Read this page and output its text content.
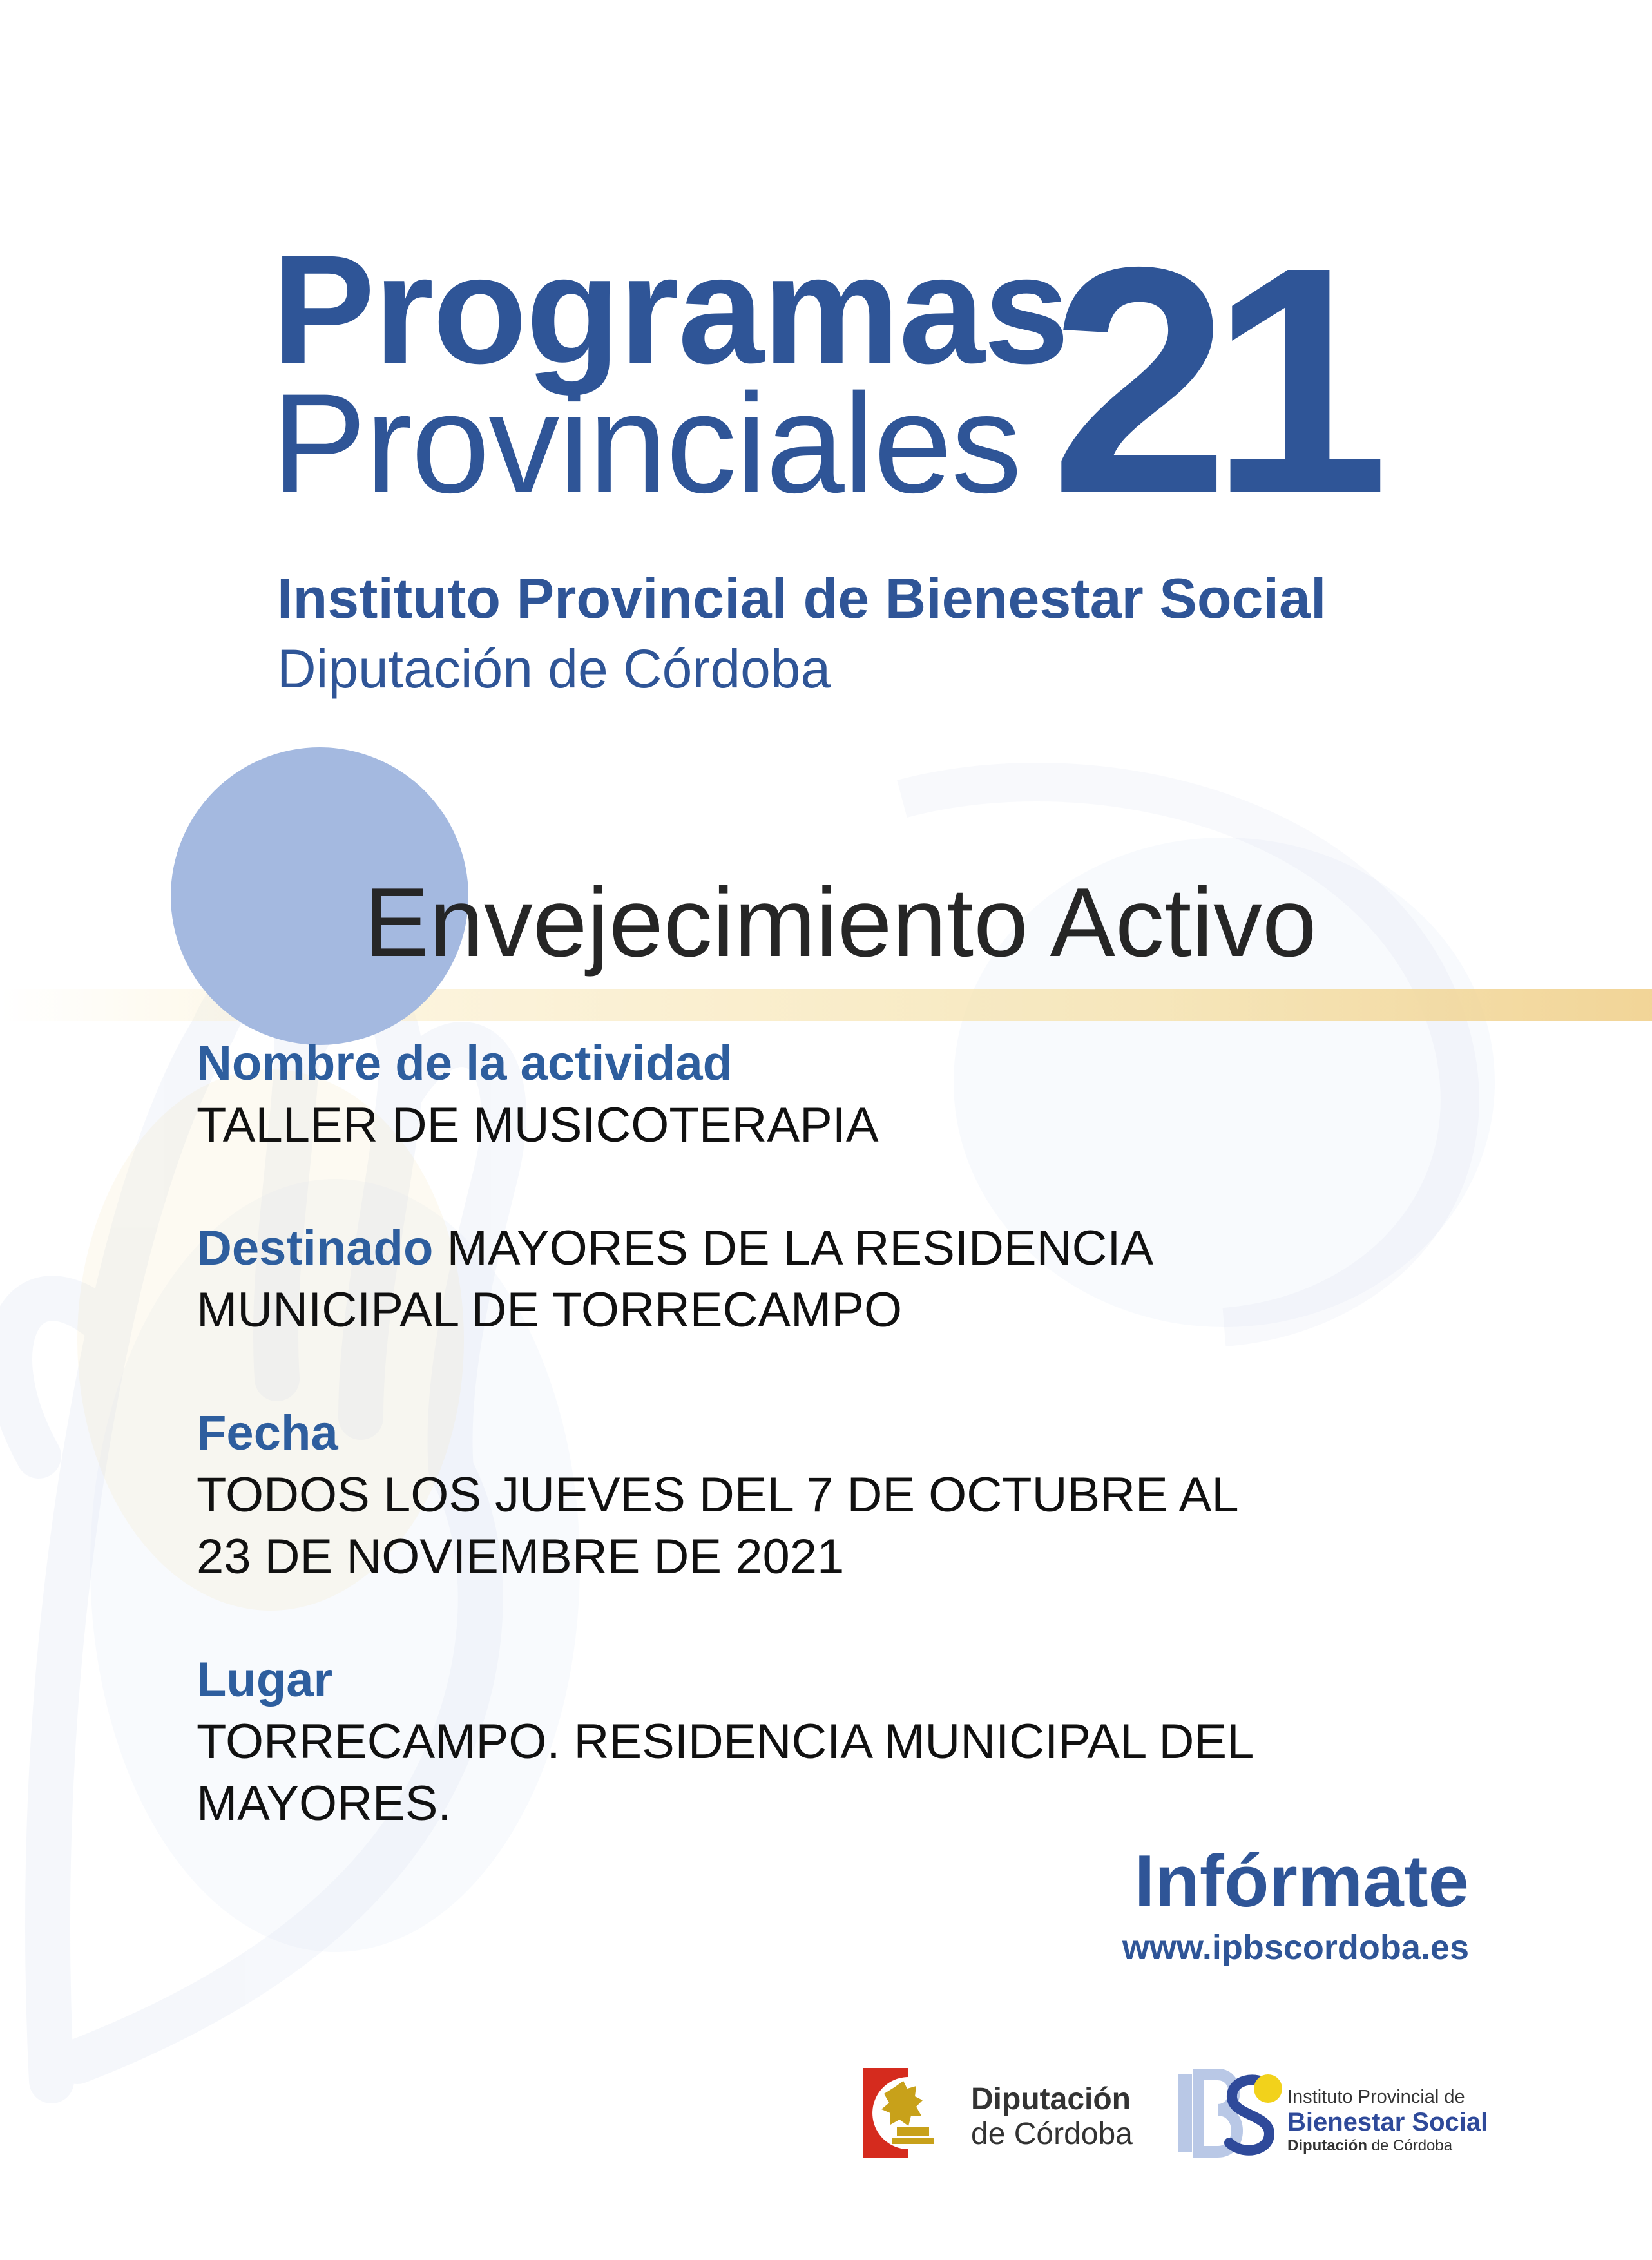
Programas
Provinciales 21
Instituto Provincial de Bienestar Social
Diputación de Córdoba
Envejecimiento Activo
Nombre de la actividad
TALLER DE MUSICOTERAPIA
Destinado MAYORES DE LA RESIDENCIA
MUNICIPAL DE TORRECAMPO
Fecha
TODOS LOS JUEVES DEL 7 DE OCTUBRE AL
23 DE NOVIEMBRE DE 2021
Lugar
TORRECAMPO. RESIDENCIA MUNICIPAL DEL
MAYORES.
Infórmate
www.ipbscordoba.es
Diputación
de Córdoba
Instituto Provincial de
Bienestar Social
Diputación de Córdoba
